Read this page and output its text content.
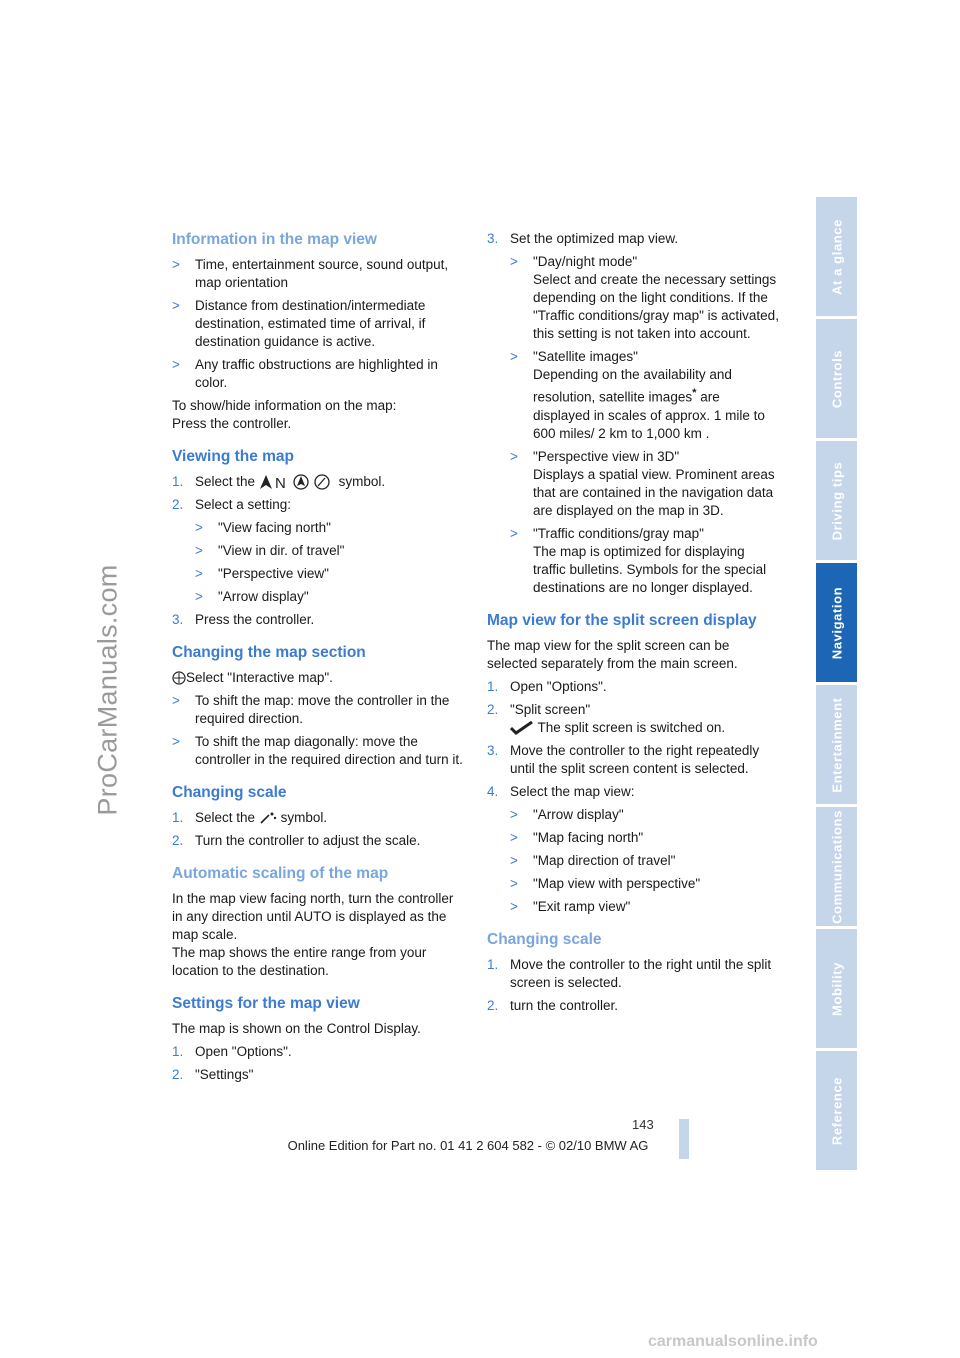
ProCarManuals.com
At a glance
Controls
Driving tips
Navigation
Entertainment
Communications
Mobility
Reference
Information in the map view
>	Time, entertainment source, sound output, map orientation
>	Distance from destination/intermediate destination, estimated time of arrival, if destination guidance is active.
>	Any traffic obstructions are highlighted in color.

To show/hide information on the map:

Press the controller.

Viewing the map
1. Select the N	symbol.
2. Select a setting:
>	"View facing north"
>	"View in dir. of travel"
>	"Perspective view"
>	"Arrow display"
3. Press the controller.
Changing the map section

Select "Interactive map".

>	To shift the map: move the controller in the required direction.
>	To shift the map diagonally: move the controller in the required direction and turn it.
Changing scale
1. Select the symbol.
2. Turn the controller to adjust the scale.
Automatic scaling of the map

In the map view facing north, turn the controller in any direction until AUTO is displayed as the map scale.

The map shows the entire range from your location to the destination.

Settings for the map view

The map is shown on the Control Display.

1. Open "Options".
2. "Settings"
3. Set the optimized map view.
>	"Day/night mode"
Select and create the necessary settings depending on the light conditions. If the "Traffic conditions/gray map" is activated, this setting is not taken into account.
>	"Satellite images"
Depending on the availability and resolution, satellite images* are displayed in scales of approx. 1 mile to 600 miles/ 2 km to 1,000 km .
>	"Perspective view in 3D"
Displays a spatial view. Prominent areas that are contained in the navigation data are displayed on the map in 3D.
>	"Traffic conditions/gray map"
The map is optimized for displaying traffic bulletins. Symbols for the special destinations are no longer displayed.
Map view for the split screen display

The map view for the split screen can be selected separately from the main screen.

1. Open "Options".
2. "Split screen"
The split screen is switched on.
3. Move the controller to the right repeatedly until the split screen content is selected.
4. Select the map view:
>	"Arrow display"
>	"Map facing north"
>	"Map direction of travel"
>	"Map view with perspective"
>	"Exit ramp view"
Changing scale
1. Move the controller to the right until the split screen is selected.
2. turn the controller.
143
Online Edition for Part no. 01 41 2 604 582 - © 02/10 BMW AG
carmanualsonline.info
